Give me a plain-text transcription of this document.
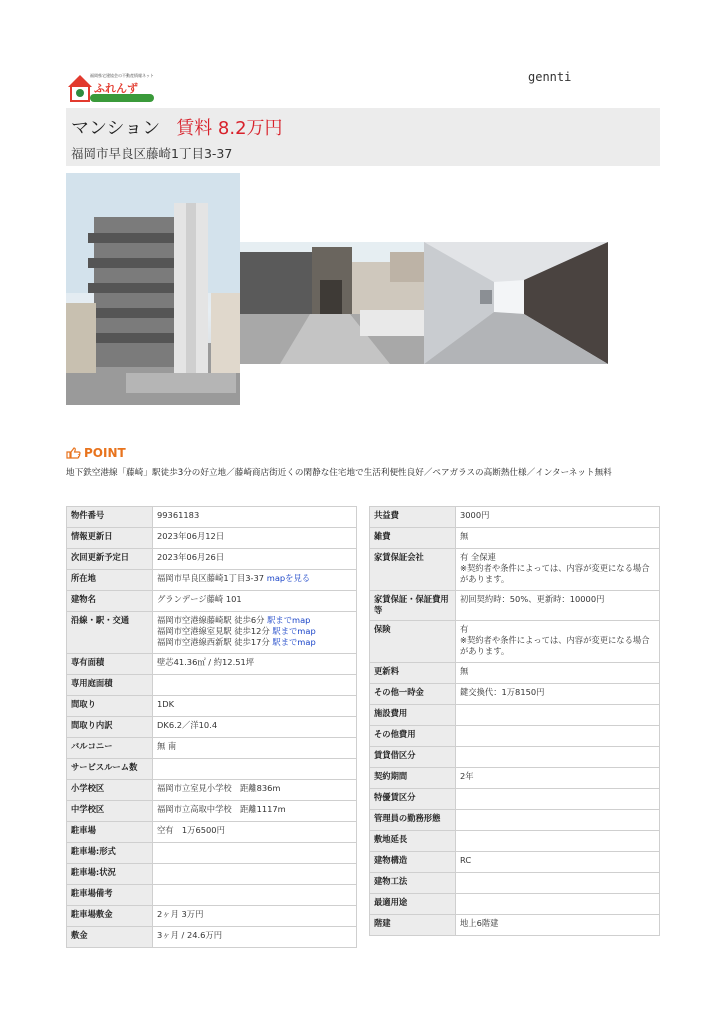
福岡県宅建協会の不動産情報ネット
ふれんず
gennti
マンション 賃料 8.2万円
福岡市早良区藤崎1丁目3-37
POINT
地下鉄空港線「藤崎」駅徒歩3分の好立地／藤崎商店街近くの閑静な住宅地で生活利便性良好／ペアガラスの高断熱仕様／インターネット無料
物件番号	99361183
情報更新日	2023年06月12日
次回更新予定日	2023年06月26日
所在地	福岡市早良区藤崎1丁目3-37 mapを見る
建物名	グランデージ藤崎 101
沿線・駅・交通	福岡市空港線藤崎駅 徒歩6分 駅までmap
福岡市空港線室見駅 徒歩12分 駅までmap
福岡市空港線西新駅 徒歩17分 駅までmap

専有面積	壁芯41.36㎡ / 約12.51坪
専用庭面積	
間取り	1DK
間取り内訳	DK6.2／洋10.4
バルコニー	無 南
サービスルーム数	
小学校区	福岡市立室見小学校　距離836m
中学校区	福岡市立高取中学校　距離1117m
駐車場	空有　1万6500円
駐車場:形式	
駐車場:状況	
駐車場備考	
駐車場敷金	2ヶ月 3万円
敷金	3ヶ月 / 24.6万円
共益費	3000円
雑費	無
家賃保証会社	有 全保連
※契約者や条件によっては、内容が変更になる場合があります。

家賃保証・保証費用等	初回契約時：50%、更新時：10000円
保険	有
※契約者や条件によっては、内容が変更になる場合があります。

更新料	無
その他一時金	鍵交換代：1万8150円
施設費用	
その他費用	
賃貸借区分	
契約期間	2年
特優賃区分	
管理員の勤務形態	
敷地延長	
建物構造	RC
建物工法	
最適用途	
階建	地上6階建
